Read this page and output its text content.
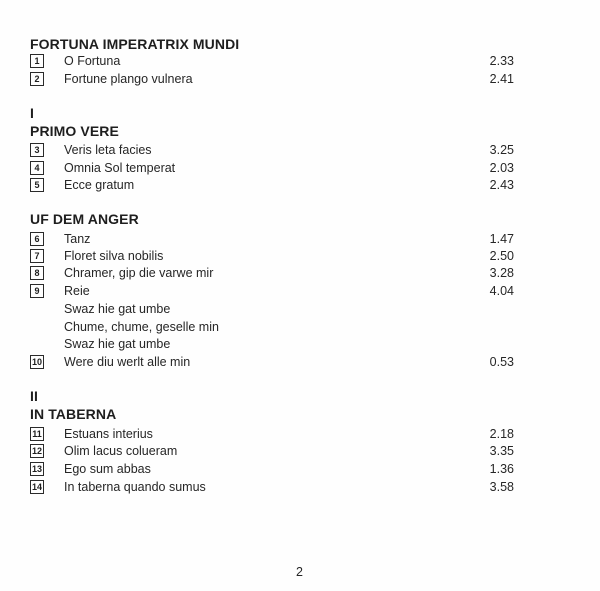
FORTUNA IMPERATRIX MUNDI
1	O Fortuna	2.33
2	Fortune plango vulnera	2.41
I
PRIMO VERE
3	Veris leta facies	3.25
4	Omnia Sol temperat	2.03
5	Ecce gratum	2.43
UF DEM ANGER
6	Tanz	1.47
7	Floret silva nobilis	2.50
8	Chramer, gip die varwe mir	3.28
9	Reie	4.04
Swaz hie gat umbe
Chume, chume, geselle min
Swaz hie gat umbe
10 Were diu werlt alle min	0.53
II
IN TABERNA
11 Estuans interius	2.18
12 Olim lacus colueram	3.35
13 Ego sum abbas	1.36
14 In taberna quando sumus	3.58
2
